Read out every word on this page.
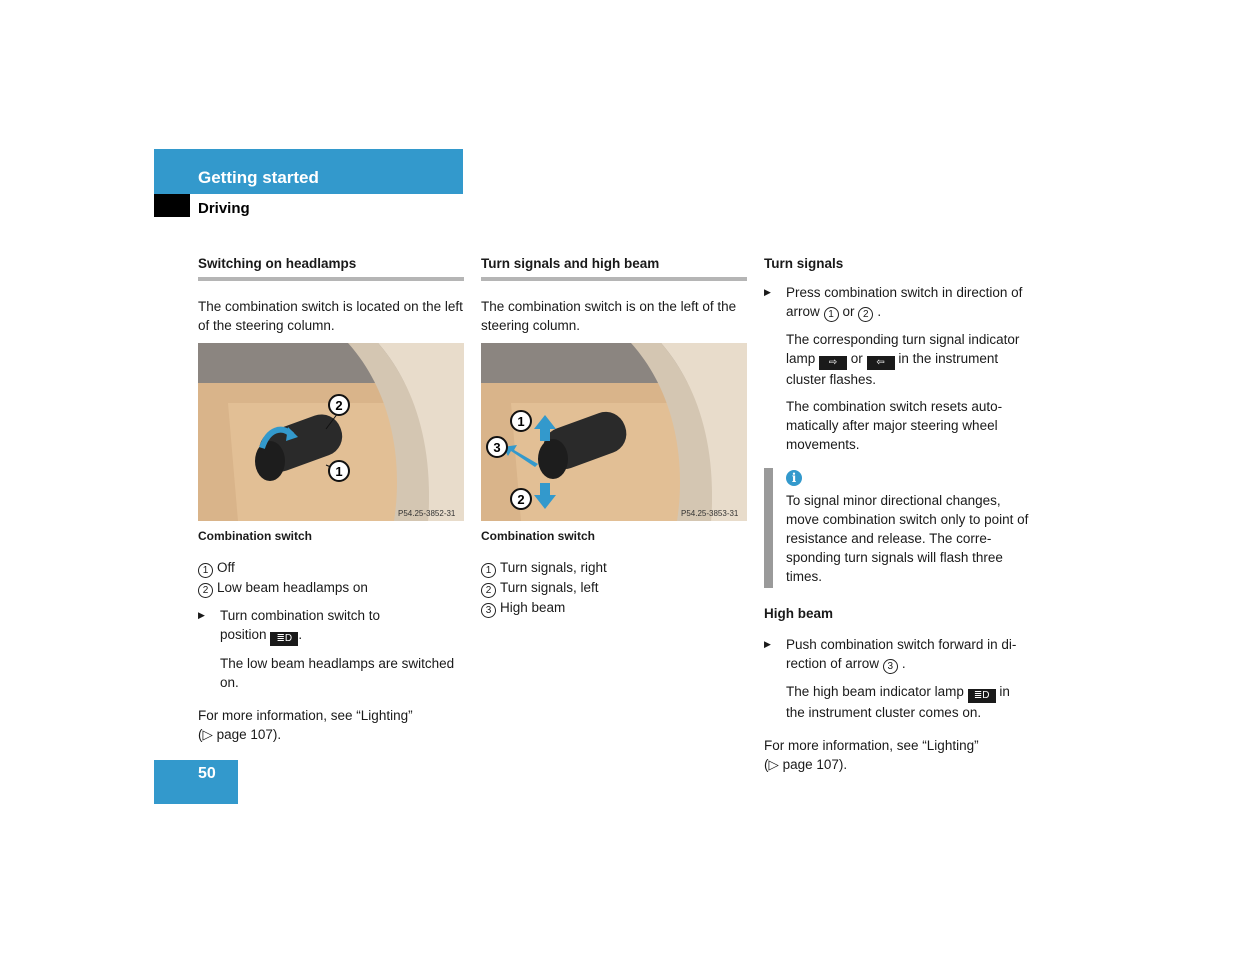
Getting started
Driving
Switching on headlamps

The combination switch is located on the left of the steering column.

2
1
P54.25-3852-31
Combination switch
1 Off
2 Low beam headlamps on
▶ Turn combination switch to
position ≣D .
The low beam headlamps are switched on.

For more information, see “Lighting”
(▷ page 107).

Turn signals and high beam

The combination switch is on the left of the steering column.

1
3
2
P54.25-3853-31
Combination switch
1 Turn signals, right
2 Turn signals, left
3 High beam
Turn signals
▶ Press combination switch in direction of arrow 1 or 2 .
The corresponding turn signal indicator lamp ⇨ or ⇦ in the instrument cluster flashes.
The combination switch resets auto-matically after major steering wheel movements.
i
To signal minor directional changes, move combination switch only to point of resistance and release. The corre-sponding turn signals will flash three times.
High beam
▶ Push combination switch forward in di-rection of arrow 3 .
The high beam indicator lamp ≣D in the instrument cluster comes on.

For more information, see “Lighting”
(▷ page 107).

50
